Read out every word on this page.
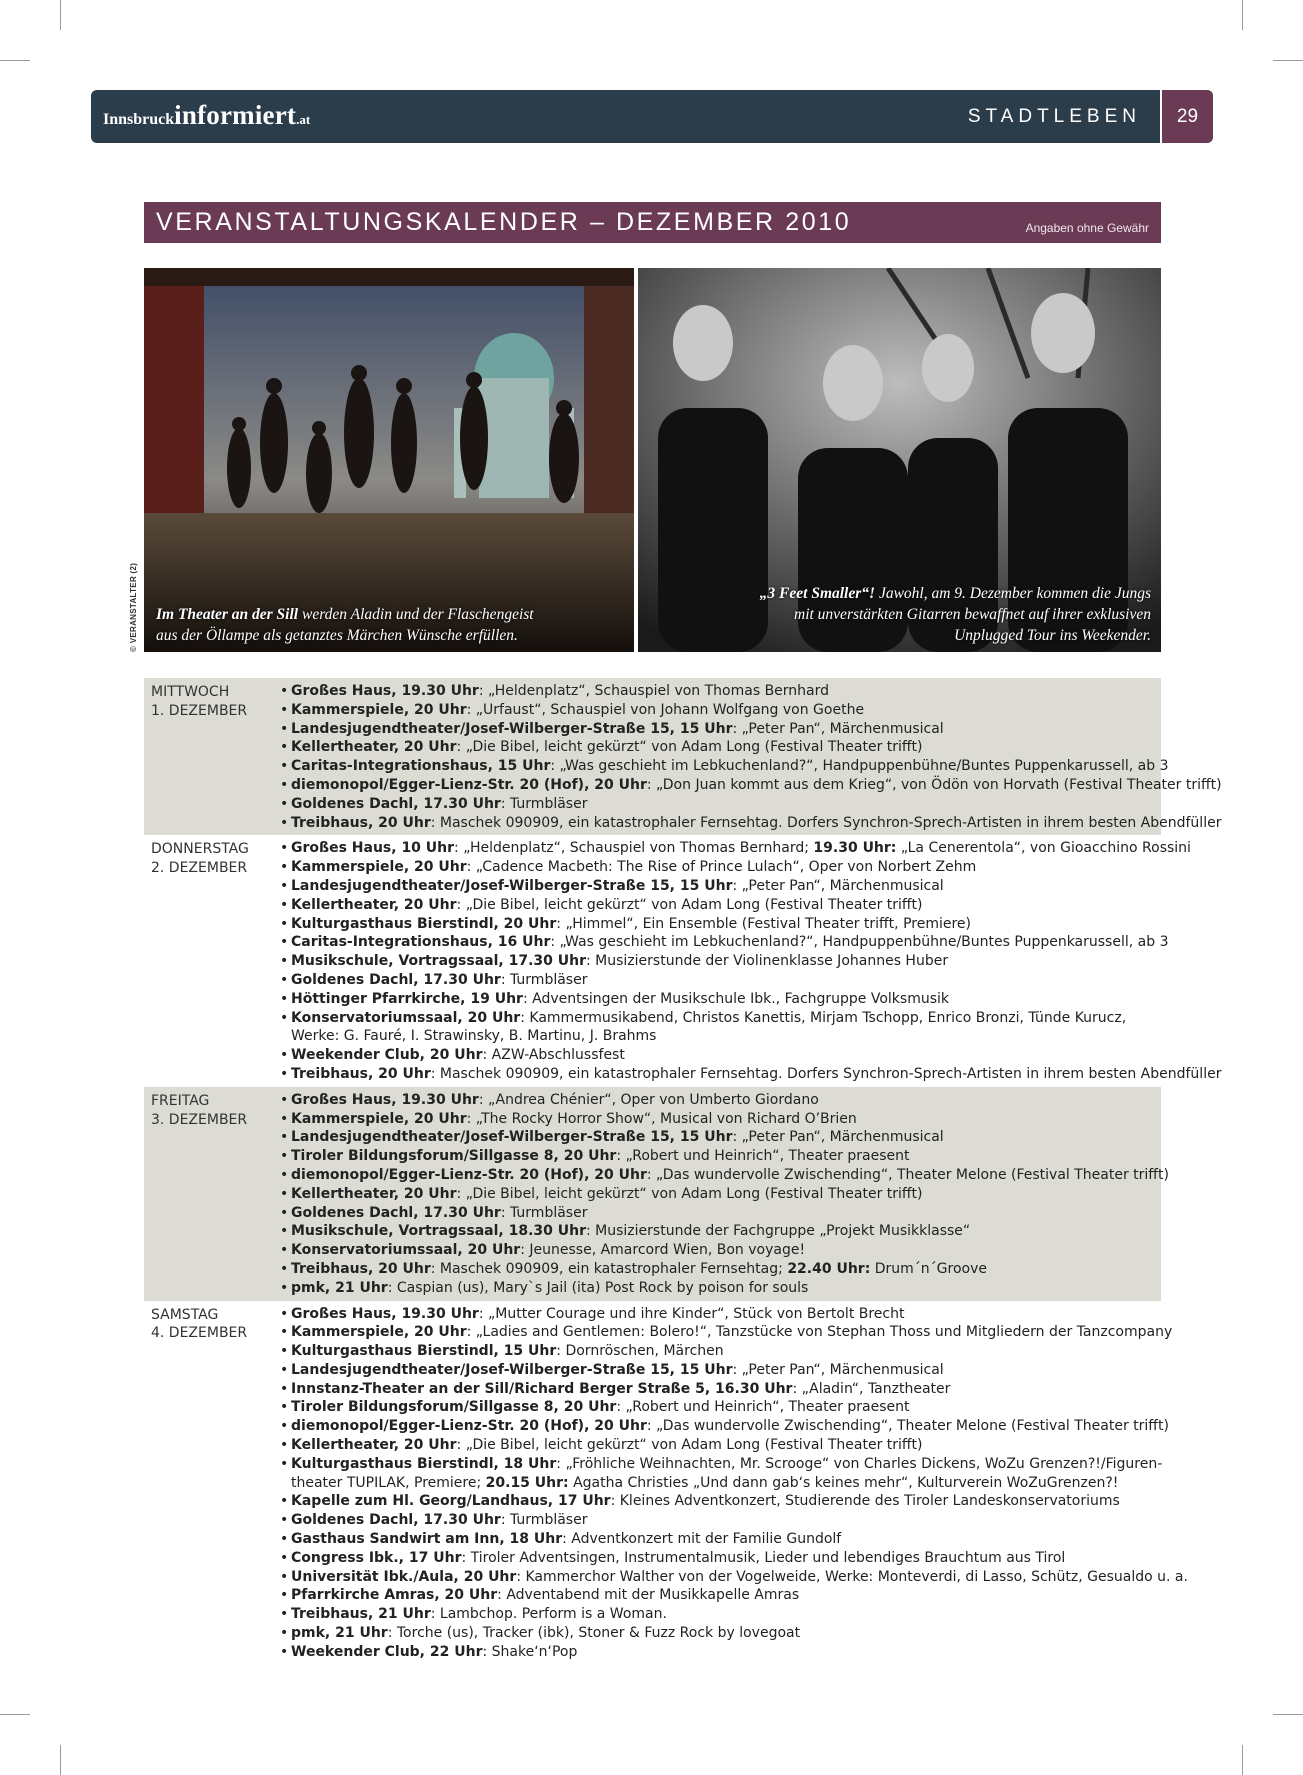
Innsbruckinformiert.at	STADTLEBEN	29
VERANSTALTUNGSKALENDER – DEZEMBER 2010	Angaben ohne Gewähr
Im Theater an der Sill werden Aladin und der Flaschengeist
aus der Öllampe als getanztes Märchen Wünsche erfüllen.
„3 Feet Smaller“! Jawohl, am 9. Dezember kommen die Jungs
mit unverstärkten Gitarren bewaffnet auf ihrer exklusiven
Unplugged Tour ins Weekender.
© VERANSTALTER (2)
MITTWOCH
1. DEZEMBER
• Großes Haus, 19.30 Uhr: „Heldenplatz“, Schauspiel von Thomas Bernhard
• Kammerspiele, 20 Uhr: „Urfaust“, Schauspiel von Johann Wolfgang von Goethe
• Landesjugendtheater/Josef-Wilberger-Straße 15, 15 Uhr: „Peter Pan“, Märchenmusical
• Kellertheater, 20 Uhr: „Die Bibel, leicht gekürzt“ von Adam Long (Festival Theater trifft)
• Caritas-Integrationshaus, 15 Uhr: „Was geschieht im Lebkuchenland?“, Handpuppenbühne/Buntes Puppenkarussell, ab 3
• diemonopol/Egger-Lienz-Str. 20 (Hof), 20 Uhr: „Don Juan kommt aus dem Krieg“, von Ödön von Horvath (Festival Theater trifft)
• Goldenes Dachl, 17.30 Uhr: Turmbläser
• Treibhaus, 20 Uhr: Maschek 090909, ein katastrophaler Fernsehtag. Dorfers Synchron-Sprech-Artisten in ihrem besten Abendfüller
DONNERSTAG
2. DEZEMBER
• Großes Haus, 10 Uhr: „Heldenplatz“, Schauspiel von Thomas Bernhard; 19.30 Uhr: „La Cenerentola“, von Gioacchino Rossini
• Kammerspiele, 20 Uhr: „Cadence Macbeth: The Rise of Prince Lulach“, Oper von Norbert Zehm
• Landesjugendtheater/Josef-Wilberger-Straße 15, 15 Uhr: „Peter Pan“, Märchenmusical
• Kellertheater, 20 Uhr: „Die Bibel, leicht gekürzt“ von Adam Long (Festival Theater trifft)
• Kulturgasthaus Bierstindl, 20 Uhr: „Himmel“, Ein Ensemble (Festival Theater trifft, Premiere)
• Caritas-Integrationshaus, 16 Uhr: „Was geschieht im Lebkuchenland?“, Handpuppenbühne/Buntes Puppenkarussell, ab 3
• Musikschule, Vortragssaal, 17.30 Uhr: Musizierstunde der Violinenklasse Johannes Huber
• Goldenes Dachl, 17.30 Uhr: Turmbläser
• Höttinger Pfarrkirche, 19 Uhr: Adventsingen der Musikschule Ibk., Fachgruppe Volksmusik
• Konservatoriumssaal, 20 Uhr: Kammermusikabend, Christos Kanettis, Mirjam Tschopp, Enrico Bronzi, Tünde Kurucz,
Werke: G. Fauré, I. Strawinsky, B. Martinu, J. Brahms
• Weekender Club, 20 Uhr: AZW-Abschlussfest
• Treibhaus, 20 Uhr: Maschek 090909, ein katastrophaler Fernsehtag. Dorfers Synchron-Sprech-Artisten in ihrem besten Abendfüller
FREITAG
3. DEZEMBER
• Großes Haus, 19.30 Uhr: „Andrea Chénier“, Oper von Umberto Giordano
• Kammerspiele, 20 Uhr: „The Rocky Horror Show“, Musical von Richard O’Brien
• Landesjugendtheater/Josef-Wilberger-Straße 15, 15 Uhr: „Peter Pan“, Märchenmusical
• Tiroler Bildungsforum/Sillgasse 8, 20 Uhr: „Robert und Heinrich“, Theater praesent
• diemonopol/Egger-Lienz-Str. 20 (Hof), 20 Uhr: „Das wundervolle Zwischending“, Theater Melone (Festival Theater trifft)
• Kellertheater, 20 Uhr: „Die Bibel, leicht gekürzt“ von Adam Long (Festival Theater trifft)
• Goldenes Dachl, 17.30 Uhr: Turmbläser
• Musikschule, Vortragssaal, 18.30 Uhr: Musizierstunde der Fachgruppe „Projekt Musikklasse“
• Konservatoriumssaal, 20 Uhr: Jeunesse, Amarcord Wien, Bon voyage!
• Treibhaus, 20 Uhr: Maschek 090909, ein katastrophaler Fernsehtag; 22.40 Uhr: Drum´n´Groove
• pmk, 21 Uhr: Caspian (us), Mary`s Jail (ita) Post Rock by poison for souls
SAMSTAG
4. DEZEMBER
• Großes Haus, 19.30 Uhr: „Mutter Courage und ihre Kinder“, Stück von Bertolt Brecht
• Kammerspiele, 20 Uhr: „Ladies and Gentlemen: Bolero!“, Tanzstücke von Stephan Thoss und Mitgliedern der Tanzcompany
• Kulturgasthaus Bierstindl, 15 Uhr: Dornröschen, Märchen
• Landesjugendtheater/Josef-Wilberger-Straße 15, 15 Uhr: „Peter Pan“, Märchenmusical
• Innstanz-Theater an der Sill/Richard Berger Straße 5, 16.30 Uhr: „Aladin“, Tanztheater
• Tiroler Bildungsforum/Sillgasse 8, 20 Uhr: „Robert und Heinrich“, Theater praesent
• diemonopol/Egger-Lienz-Str. 20 (Hof), 20 Uhr: „Das wundervolle Zwischending“, Theater Melone (Festival Theater trifft)
• Kellertheater, 20 Uhr: „Die Bibel, leicht gekürzt“ von Adam Long (Festival Theater trifft)
• Kulturgasthaus Bierstindl, 18 Uhr: „Fröhliche Weihnachten, Mr. Scrooge“ von Charles Dickens, WoZu Grenzen?!/Figuren-
theater TUPILAK, Premiere; 20.15 Uhr: Agatha Christies „Und dann gab‘s keines mehr“, Kulturverein WoZuGrenzen?!
• Kapelle zum Hl. Georg/Landhaus, 17 Uhr: Kleines Adventkonzert, Studierende des Tiroler Landeskonservatoriums
• Goldenes Dachl, 17.30 Uhr: Turmbläser
• Gasthaus Sandwirt am Inn, 18 Uhr: Adventkonzert mit der Familie Gundolf
• Congress Ibk., 17 Uhr: Tiroler Adventsingen, Instrumentalmusik, Lieder und lebendiges Brauchtum aus Tirol
• Universität Ibk./Aula, 20 Uhr: Kammerchor Walther von der Vogelweide, Werke: Monteverdi, di Lasso, Schütz, Gesualdo u. a.
• Pfarrkirche Amras, 20 Uhr: Adventabend mit der Musikkapelle Amras
• Treibhaus, 21 Uhr: Lambchop. Perform is a Woman.
• pmk, 21 Uhr: Torche (us), Tracker (ibk), Stoner & Fuzz Rock by lovegoat
• Weekender Club, 22 Uhr: Shake‘n‘Pop
